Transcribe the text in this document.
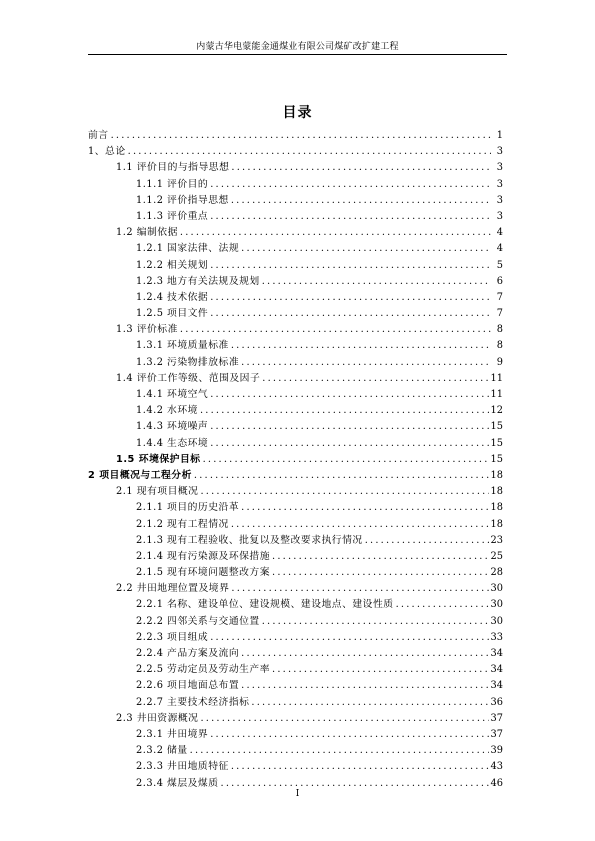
内蒙古华电蒙能金通煤业有限公司煤矿改扩建工程
目录
前言 .....	1
1、总论 .....	3
1.1 评价目的与指导思想 .....	3
1.1.1 评价目的 .....	3
1.1.2 评价指导思想 .....	3
1.1.3 评价重点 .....	3
1.2 编制依据 .....	4
1.2.1 国家法律、法规 .....	4
1.2.2 相关规划 .....	5
1.2.3 地方有关法规及规划 .....	6
1.2.4 技术依据 .....	7
1.2.5 项目文件 .....	7
1.3 评价标准 .....	8
1.3.1 环境质量标准 .....	8
1.3.2 污染物排放标准 .....	9
1.4 评价工作等级、范围及因子 .....	11
1.4.1 环境空气 .....	11
1.4.2 水环境 .....	12
1.4.3 环境噪声 .....	15
1.4.4 生态环境 .....	15
1.5 环境保护目标 .....	15
2 项目概况与工程分析 .....	18
2.1 现有项目概况 .....	18
2.1.1 项目的历史沿革 .....	18
2.1.2 现有工程情况 .....	18
2.1.3 现有工程验收、批复以及整改要求执行情况 .....	23
2.1.4 现有污染源及环保措施 .....	25
2.1.5 现有环境问题整改方案 .....	28
2.2 井田地理位置及境界 .....	30
2.2.1 名称、建设单位、建设规模、建设地点、建设性质 .....	30
2.2.2 四邻关系与交通位置 .....	30
2.2.3 项目组成 .....	33
2.2.4 产品方案及流向 .....	34
2.2.5 劳动定员及劳动生产率 .....	34
2.2.6 项目地面总布置 .....	34
2.2.7 主要技术经济指标 .....	36
2.3 井田资源概况 .....	37
2.3.1 井田境界 .....	37
2.3.2 储量 .....	39
2.3.3 井田地质特征 .....	43
2.3.4 煤层及煤质 .....	46
I
